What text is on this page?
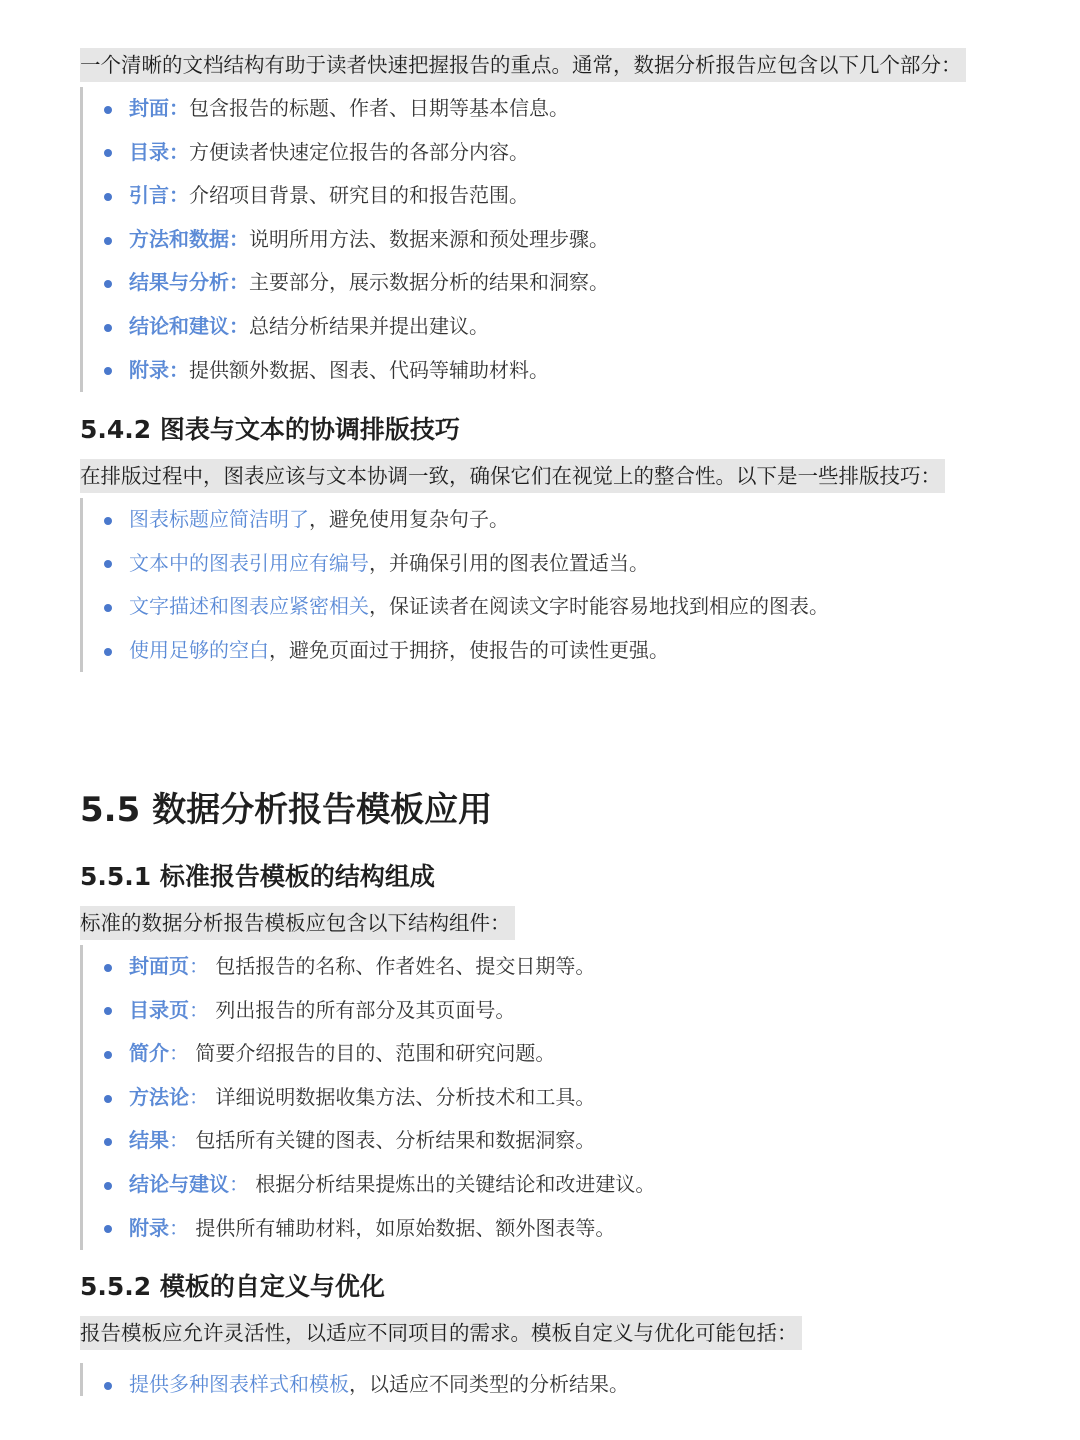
一个清晰的文档结构有助于读者快速把握报告的重点。通常，数据分析报告应包含以下几个部分：
封面：包含报告的标题、作者、日期等基本信息。
目录：方便读者快速定位报告的各部分内容。
引言：介绍项目背景、研究目的和报告范围。
方法和数据：说明所用方法、数据来源和预处理步骤。
结果与分析：主要部分，展示数据分析的结果和洞察。
结论和建议：总结分析结果并提出建议。
附录：提供额外数据、图表、代码等辅助材料。
5.4.2 图表与文本的协调排版技巧
在排版过程中，图表应该与文本协调一致，确保它们在视觉上的整合性。以下是一些排版技巧：
图表标题应简洁明了，避免使用复杂句子。
文本中的图表引用应有编号，并确保引用的图表位置适当。
文字描述和图表应紧密相关，保证读者在阅读文字时能容易地找到相应的图表。
使用足够的空白，避免页面过于拥挤，使报告的可读性更强。
5.5 数据分析报告模板应用
5.5.1 标准报告模板的结构组成
标准的数据分析报告模板应包含以下结构组件：
封面页： 包括报告的名称、作者姓名、提交日期等。
目录页： 列出报告的所有部分及其页面号。
简介： 简要介绍报告的目的、范围和研究问题。
方法论： 详细说明数据收集方法、分析技术和工具。
结果： 包括所有关键的图表、分析结果和数据洞察。
结论与建议： 根据分析结果提炼出的关键结论和改进建议。
附录： 提供所有辅助材料，如原始数据、额外图表等。
5.5.2 模板的自定义与优化
报告模板应允许灵活性，以适应不同项目的需求。模板自定义与优化可能包括：
提供多种图表样式和模板，以适应不同类型的分析结果。
